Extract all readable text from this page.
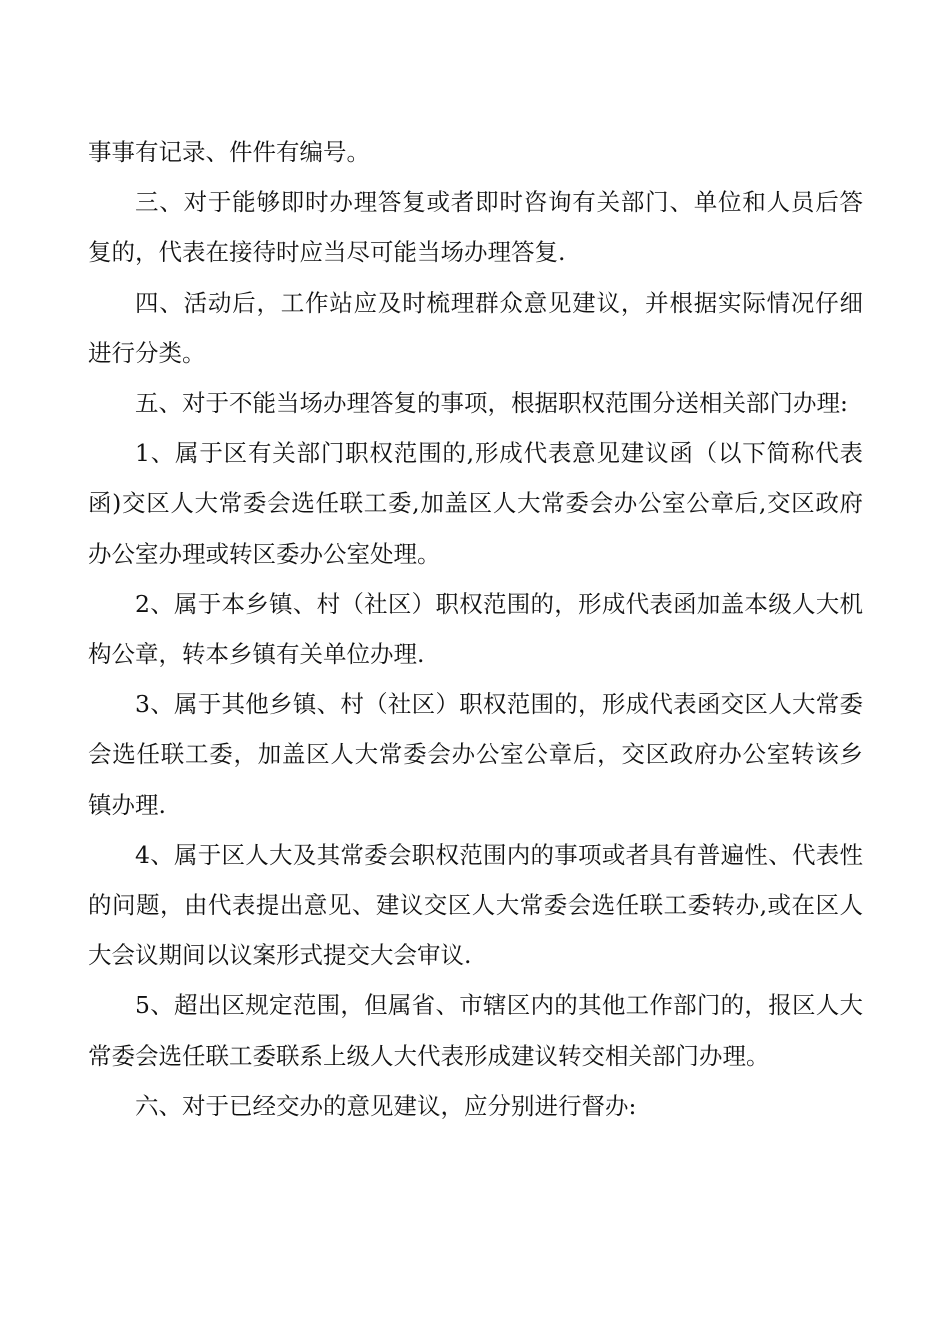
事事有记录、件件有编号。

三、对于能够即时办理答复或者即时咨询有关部门、单位和人员后答复的，代表在接待时应当尽可能当场办理答复.

四、活动后，工作站应及时梳理群众意见建议，并根据实际情况仔细进行分类。

五、对于不能当场办理答复的事项，根据职权范围分送相关部门办理:

1、属于区有关部门职权范围的,形成代表意见建议函（以下简称代表函)交区人大常委会选任联工委,加盖区人大常委会办公室公章后,交区政府办公室办理或转区委办公室处理。

2、属于本乡镇、村（社区）职权范围的，形成代表函加盖本级人大机构公章，转本乡镇有关单位办理.

3、属于其他乡镇、村（社区）职权范围的，形成代表函交区人大常委会选任联工委，加盖区人大常委会办公室公章后，交区政府办公室转该乡镇办理.

4、属于区人大及其常委会职权范围内的事项或者具有普遍性、代表性的问题，由代表提出意见、建议交区人大常委会选任联工委转办,或在区人大会议期间以议案形式提交大会审议.

5、超出区规定范围，但属省、市辖区内的其他工作部门的，报区人大常委会选任联工委联系上级人大代表形成建议转交相关部门办理。

六、对于已经交办的意见建议，应分别进行督办:
